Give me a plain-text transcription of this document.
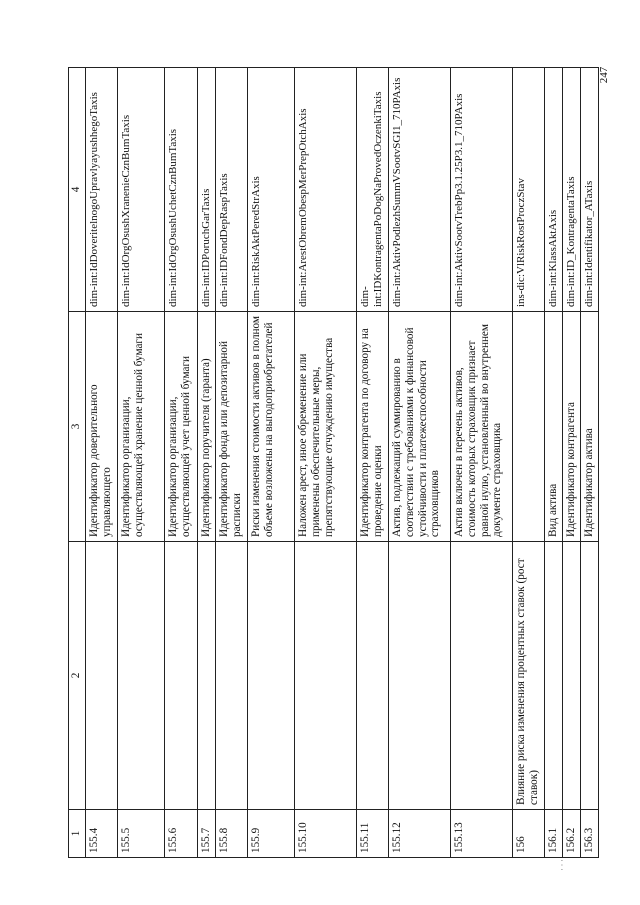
247
1	2	3	4
155.4		Идентификатор доверительного управляющего	dim-int:IdDoveritelnogoUpravlyayushhegoTaxis
155.5		Идентификатор организации, осуществляющей хранение ценной бумаги	dim-int:IdOrgOsushXranenieCznBumTaxis
155.6		Идентификатор организации, осуществляющей учет ценной бумаги	dim-int:IdOrgOsushUchetCznBumTaxis
155.7		Идентификатор поручителя (гаранта)	dim-int:IDPoruchGarTaxis
155.8		Идентификатор фонда или депозитарной расписки	dim-int:IDFondDepRaspTaxis
155.9		Риски изменения стоимости активов в полном объеме возложены на выгодоприобретателей	dim-int:RiskAktPeredStrAxis
155.10		Наложен арест, иное обременение или применены обеспечительные меры, препятствующие отчуждению имущества	dim-int:ArestObremObespMerPrepOtchAxis
155.11		Идентификатор контрагента по договору на проведение оценки	dim-int:IDKontragentaPoDogNaProvedOczenkiTaxis
155.12		Актив, подлежащий суммированию в соответствии с требованиями к финансовой устойчивости и платежеспособности страховщиков	dim-int:AktivPodlezhSummVSootvSGI1_710PAxis
155.13		Актив включен в перечень активов, стоимость которых страховщик признает равной нулю, установленный во внутреннем документе страховщика	dim-int:AktivSootvTrebPp3.1.25P3.1_710PAxis
156	Влияние риска изменения процентных ставок (рост ставок)		ins-dic:VlRiskRostProczStav
156.1		Вид актива	dim-int:KlassAktAxis
156.2		Идентификатор контрагента	dim-int:ID_KontragentaTaxis
156.3		Идентификатор актива	dim-int:Identifikator_ATaxis
. . .
